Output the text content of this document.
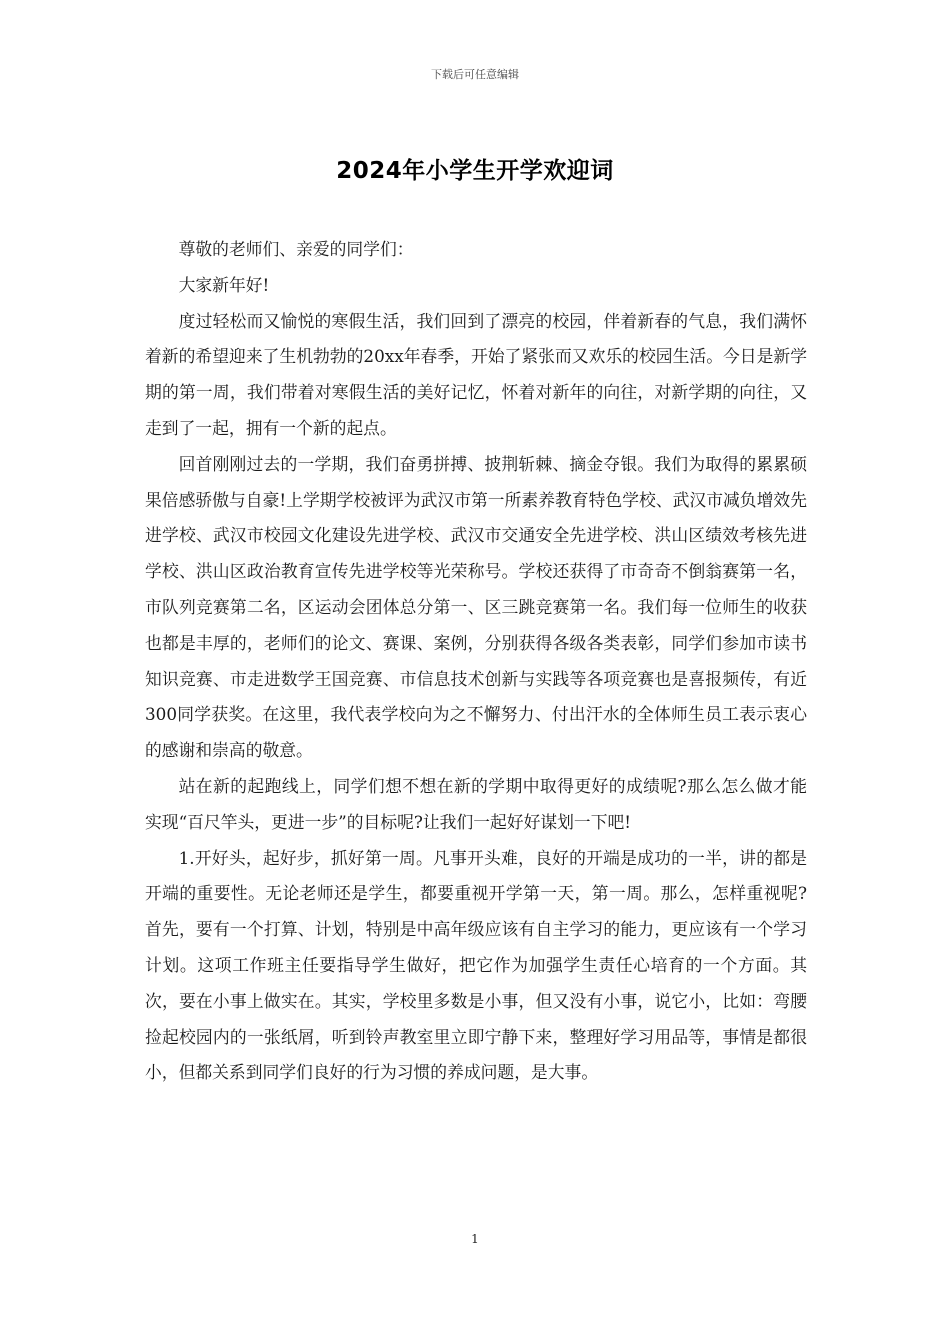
下载后可任意编辑
2024年小学生开学欢迎词

尊敬的老师们、亲爱的同学们：

大家新年好!

度过轻松而又愉悦的寒假生活，我们回到了漂亮的校园，伴着新春的气息，我们满怀着新的希望迎来了生机勃勃的20xx年春季，开始了紧张而又欢乐的校园生活。今日是新学期的第一周，我们带着对寒假生活的美好记忆，怀着对新年的向往，对新学期的向往，又走到了一起，拥有一个新的起点。

回首刚刚过去的一学期，我们奋勇拼搏、披荆斩棘、摘金夺银。我们为取得的累累硕果倍感骄傲与自豪!上学期学校被评为武汉市第一所素养教育特色学校、武汉市减负增效先进学校、武汉市校园文化建设先进学校、武汉市交通安全先进学校、洪山区绩效考核先进学校、洪山区政治教育宣传先进学校等光荣称号。学校还获得了市奇奇不倒翁赛第一名，市队列竞赛第二名，区运动会团体总分第一、区三跳竞赛第一名。我们每一位师生的收获也都是丰厚的，老师们的论文、赛课、案例，分别获得各级各类表彰，同学们参加市读书知识竞赛、市走进数学王国竞赛、市信息技术创新与实践等各项竞赛也是喜报频传，有近300同学获奖。在这里，我代表学校向为之不懈努力、付出汗水的全体师生员工表示衷心的感谢和崇高的敬意。

站在新的起跑线上，同学们想不想在新的学期中取得更好的成绩呢?那么怎么做才能实现“百尺竿头，更进一步”的目标呢?让我们一起好好谋划一下吧!

1.开好头，起好步，抓好第一周。凡事开头难，良好的开端是成功的一半，讲的都是开端的重要性。无论老师还是学生，都要重视开学第一天，第一周。那么，怎样重视呢?首先，要有一个打算、计划，特别是中高年级应该有自主学习的能力，更应该有一个学习计划。这项工作班主任要指导学生做好，把它作为加强学生责任心培育的一个方面。其次，要在小事上做实在。其实，学校里多数是小事，但又没有小事，说它小，比如：弯腰捡起校园内的一张纸屑，听到铃声教室里立即宁静下来，整理好学习用品等，事情是都很小，但都关系到同学们良好的行为习惯的养成问题，是大事。

1
